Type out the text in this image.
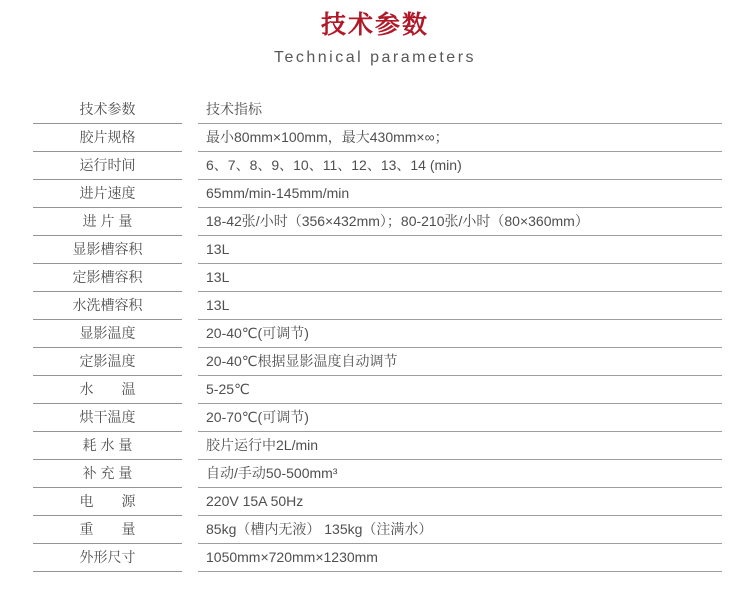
技术参数
Technical parameters
技术参数	技术指标
胶片规格	最小80mm×100mm，最大430mm×∞；
运行时间	6、7、8、9、10、11、12、13、14 (min)
进片速度	65mm/min-145mm/min
进 片 量	18-42张/小时（356×432mm）；80-210张/小时（80×360mm）
显影槽容积	13L
定影槽容积	13L
水洗槽容积	13L
显影温度	20-40℃(可调节)
定影温度	20-40℃根据显影温度自动调节
水　　温	5-25℃
烘干温度	20-70℃(可调节)
耗 水 量	胶片运行中2L/min
补 充 量	自动/手动50-500mm³
电　　源	220V 15A 50Hz
重　　量	85kg（槽内无液） 135kg（注满水）
外形尺寸	1050mm×720mm×1230mm
